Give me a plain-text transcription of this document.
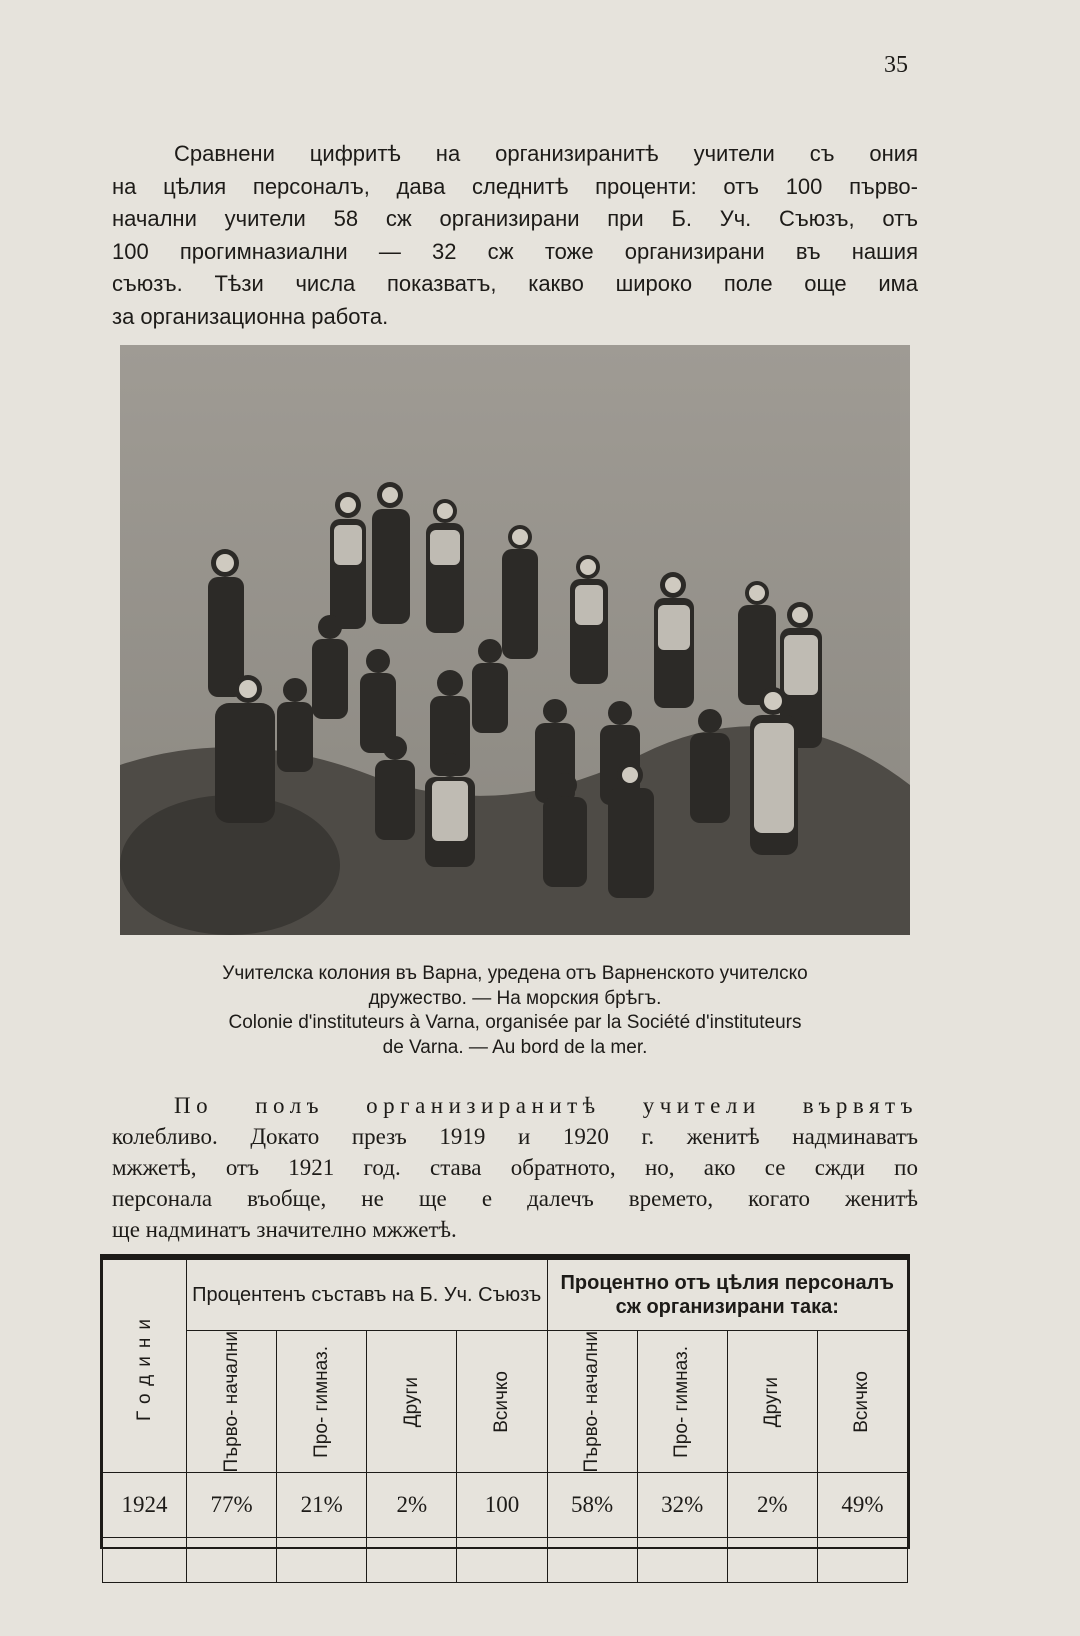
35
Сравнени цифритѣ на организиранитѣ учители съ ония
на цѣлия персоналъ, дава следнитѣ проценти: отъ 100 първо-
начални учители 58 сж организирани при Б. Уч. Съюзъ, отъ
100 прогимназиални — 32 сж тоже организирани въ нашия
съюзъ. Тѣзи числа показватъ, какво широко поле още има
за организационна работа.
Учителска колония въ Варна, уредена отъ Варненското учителско
дружество. — На морския брѣгъ.
Colonie d'instituteurs à Varna, organisée par la Société d'instituteurs
de Varna. — Au bord de la mer.
По полъ организиранитѣ учители вървятъ
колебливо. Докато презъ 1919 и 1920 г. женитѣ надминаватъ
мжжетѣ, отъ 1921 год. става обратното, но, ако се сжди по
персонала въобще, не ще е далечъ времето, когато женитѣ
ще надминатъ значително мжжетѣ.
Години	Процентенъ съставъ на Б. Уч. Съюзъ				Процентно отъ цѣлия персоналъ сж организирани така:			

	Първо- начални	Про- гимназ.	Други	Всичко	Първо- начални	Про- гимназ.	Други	Всичко

1924	77%	21%	2%	100	58%	32%	2%	49%
